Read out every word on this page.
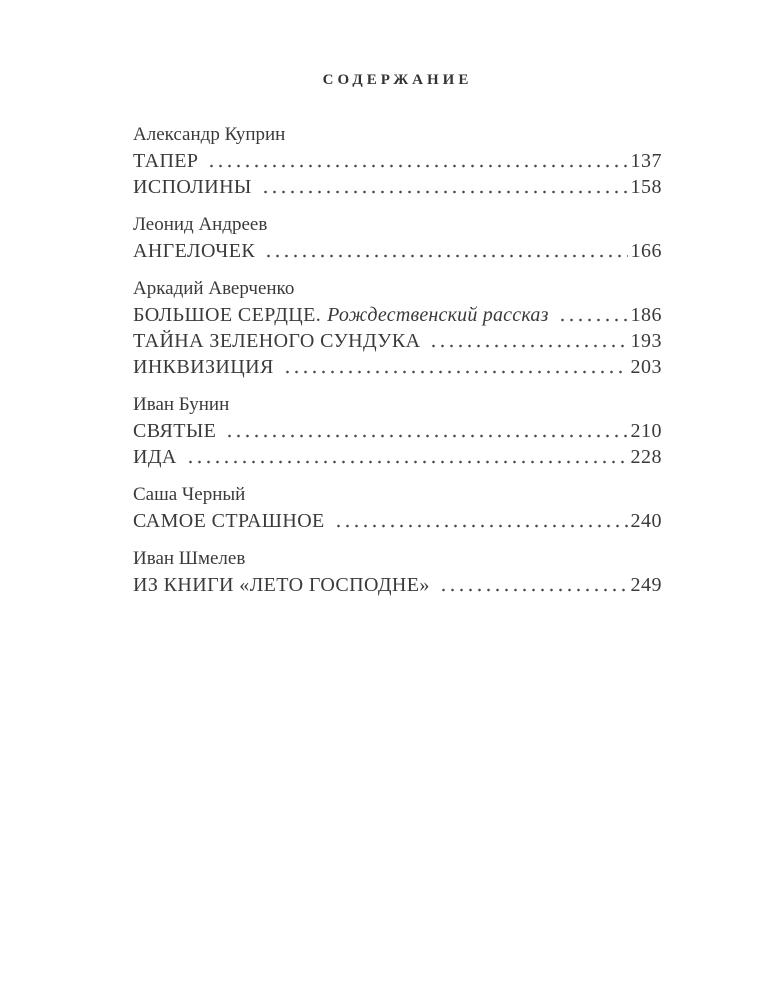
СОДЕРЖАНИЕ
Александр Куприн
ТАПЕР	137
ИСПОЛИНЫ	158
Леонид Андреев
АНГЕЛОЧЕК	166
Аркадий Аверченко
БОЛЬШОЕ СЕРДЦЕ. Рождественский рассказ	186
ТАЙНА ЗЕЛЕНОГО СУНДУКА	193
ИНКВИЗИЦИЯ	203
Иван Бунин
СВЯТЫЕ	210
ИДА	228
Саша Черный
САМОЕ СТРАШНОЕ	240
Иван Шмелев
ИЗ КНИГИ «ЛЕТО ГОСПОДНЕ»	249
